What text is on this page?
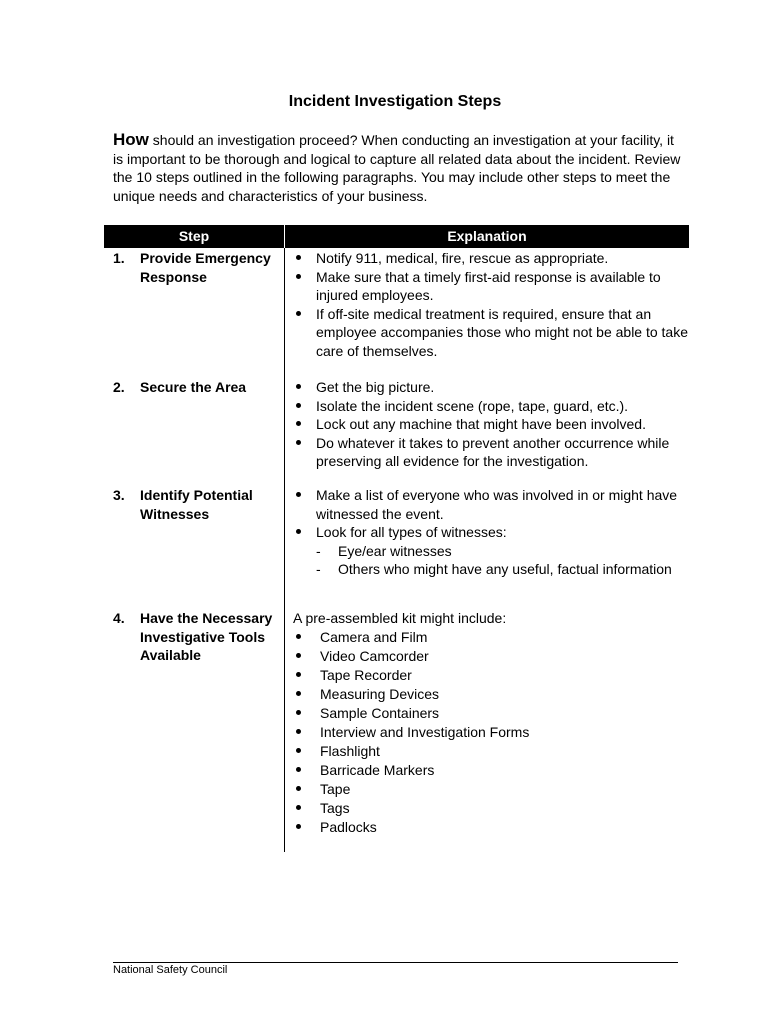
Incident Investigation Steps
How should an investigation proceed? When conducting an investigation at your facility, it is important to be thorough and logical to capture all related data about the incident. Review the 10 steps outlined in the following paragraphs. You may include other steps to meet the unique needs and characteristics of your business.
Step	Explanation
1. Provide Emergency Response
Notify 911, medical, fire, rescue as appropriate.
Make sure that a timely first-aid response is available to injured employees.
If off-site medical treatment is required, ensure that an employee accompanies those who might not be able to take care of themselves.
2. Secure the Area	Get the big picture.
Isolate the incident scene (rope, tape, guard, etc.).
Lock out any machine that might have been involved.
Do whatever it takes to prevent another occurrence while preserving all evidence for the investigation.
3. Identify Potential Witnesses
Make a list of everyone who was involved in or might have witnessed the event.
Look for all types of witnesses:
- Eye/ear witnesses
- Others who might have any useful, factual information
4. Have the Necessary Investigative Tools Available
A pre-assembled kit might include:
Camera and Film
Video Camcorder
Tape Recorder
Measuring Devices
Sample Containers
Interview and Investigation Forms
Flashlight
Barricade Markers
Tape
Tags
Padlocks
National Safety Council
